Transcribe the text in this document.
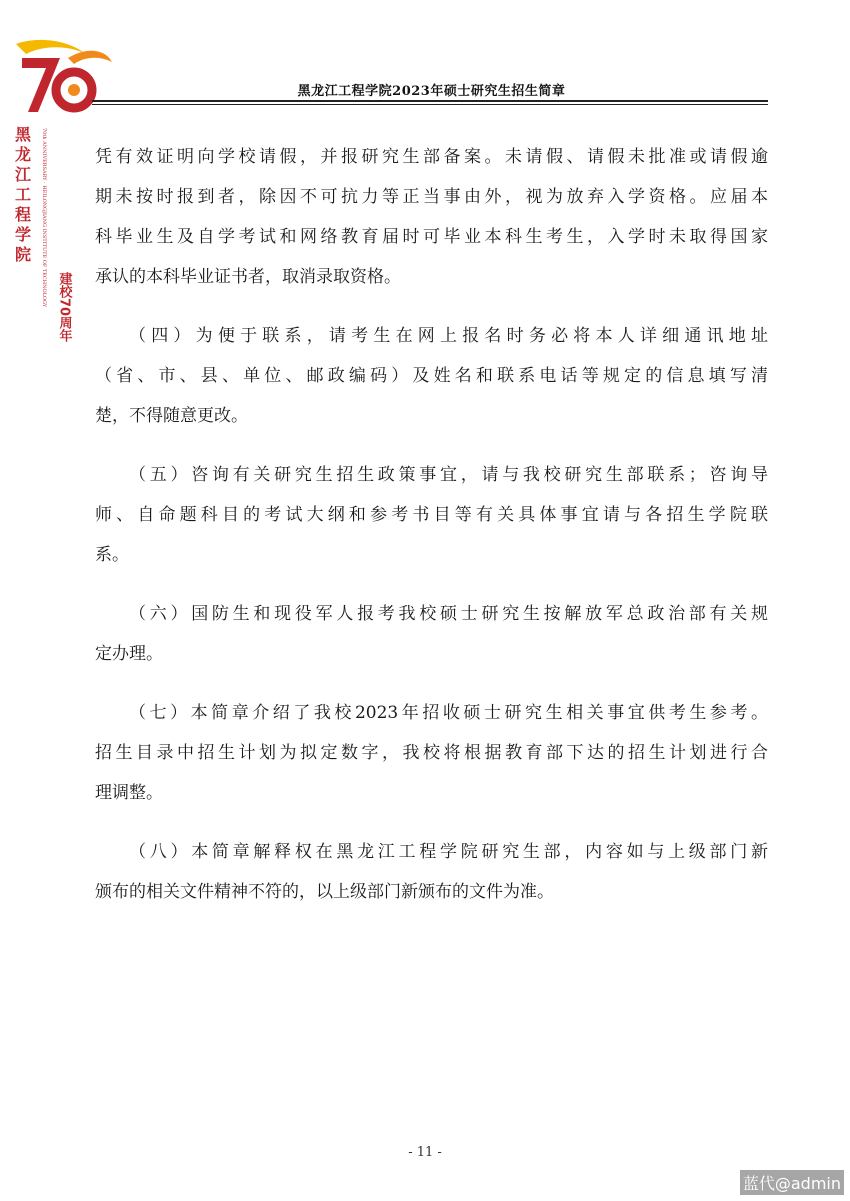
黑龙江工程学院
建校70周年
70th ANNIVERSARY · HEILONGJIANG INSTITUTE OF TECHNOLOGY
黑龙江工程学院2023年硕士研究生招生简章

凭有效证明向学校请假，并报研究生部备案。未请假、请假未批准或请假逾
期未按时报到者，除因不可抗力等正当事由外，视为放弃入学资格。应届本
科毕业生及自学考试和网络教育届时可毕业本科生考生，入学时未取得国家
承认的本科毕业证书者，取消录取资格。

（四）为便于联系，请考生在网上报名时务必将本人详细通讯地址
（省、市、县、单位、邮政编码）及姓名和联系电话等规定的信息填写清
楚，不得随意更改。

（五）咨询有关研究生招生政策事宜，请与我校研究生部联系；咨询导
师、自命题科目的考试大纲和参考书目等有关具体事宜请与各招生学院联
系。

（六）国防生和现役军人报考我校硕士研究生按解放军总政治部有关规
定办理。

（七）本简章介绍了我校2023年招收硕士研究生相关事宜供考生参考。
招生目录中招生计划为拟定数字，我校将根据教育部下达的招生计划进行合
理调整。

（八）本简章解释权在黑龙江工程学院研究生部，内容如与上级部门新
颁布的相关文件精神不符的，以上级部门新颁布的文件为准。

- 11 -
蓝代@admin
